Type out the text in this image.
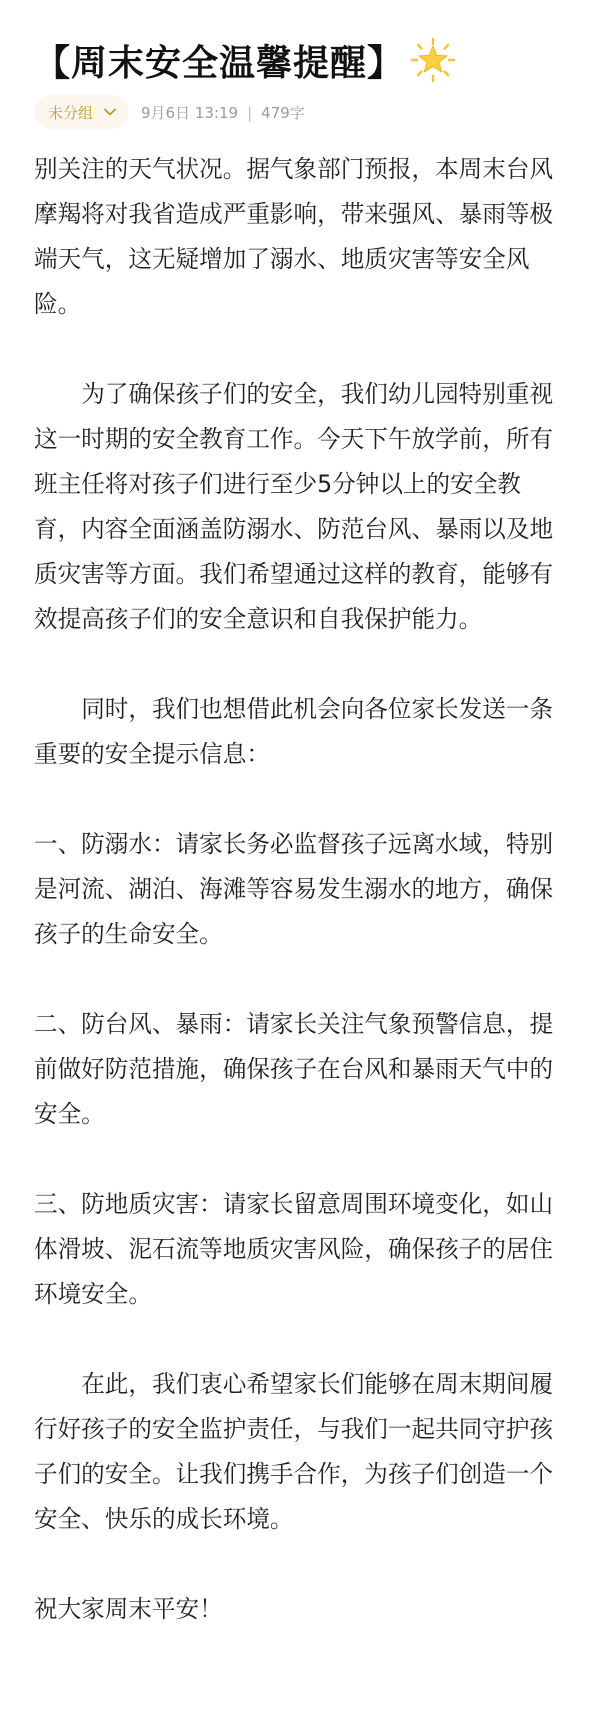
【周末安全温馨提醒】
未分组	9月6日 13:19 | 479字

别关注的天气状况。据气象部门预报，本周末台风摩羯将对我省造成严重影响，带来强风、暴雨等极端天气，这无疑增加了溺水、地质灾害等安全风险。

为了确保孩子们的安全，我们幼儿园特别重视这一时期的安全教育工作。今天下午放学前，所有班主任将对孩子们进行至少5分钟以上的安全教育，内容全面涵盖防溺水、防范台风、暴雨以及地质灾害等方面。我们希望通过这样的教育，能够有效提高孩子们的安全意识和自我保护能力。

同时，我们也想借此机会向各位家长发送一条重要的安全提示信息：

一、防溺水：请家长务必监督孩子远离水域，特别是河流、湖泊、海滩等容易发生溺水的地方，确保孩子的生命安全。

二、防台风、暴雨：请家长关注气象预警信息，提前做好防范措施，确保孩子在台风和暴雨天气中的安全。

三、防地质灾害：请家长留意周围环境变化，如山体滑坡、泥石流等地质灾害风险，确保孩子的居住环境安全。

在此，我们衷心希望家长们能够在周末期间履行好孩子的安全监护责任，与我们一起共同守护孩子们的安全。让我们携手合作，为孩子们创造一个安全、快乐的成长环境。

祝大家周末平安！
